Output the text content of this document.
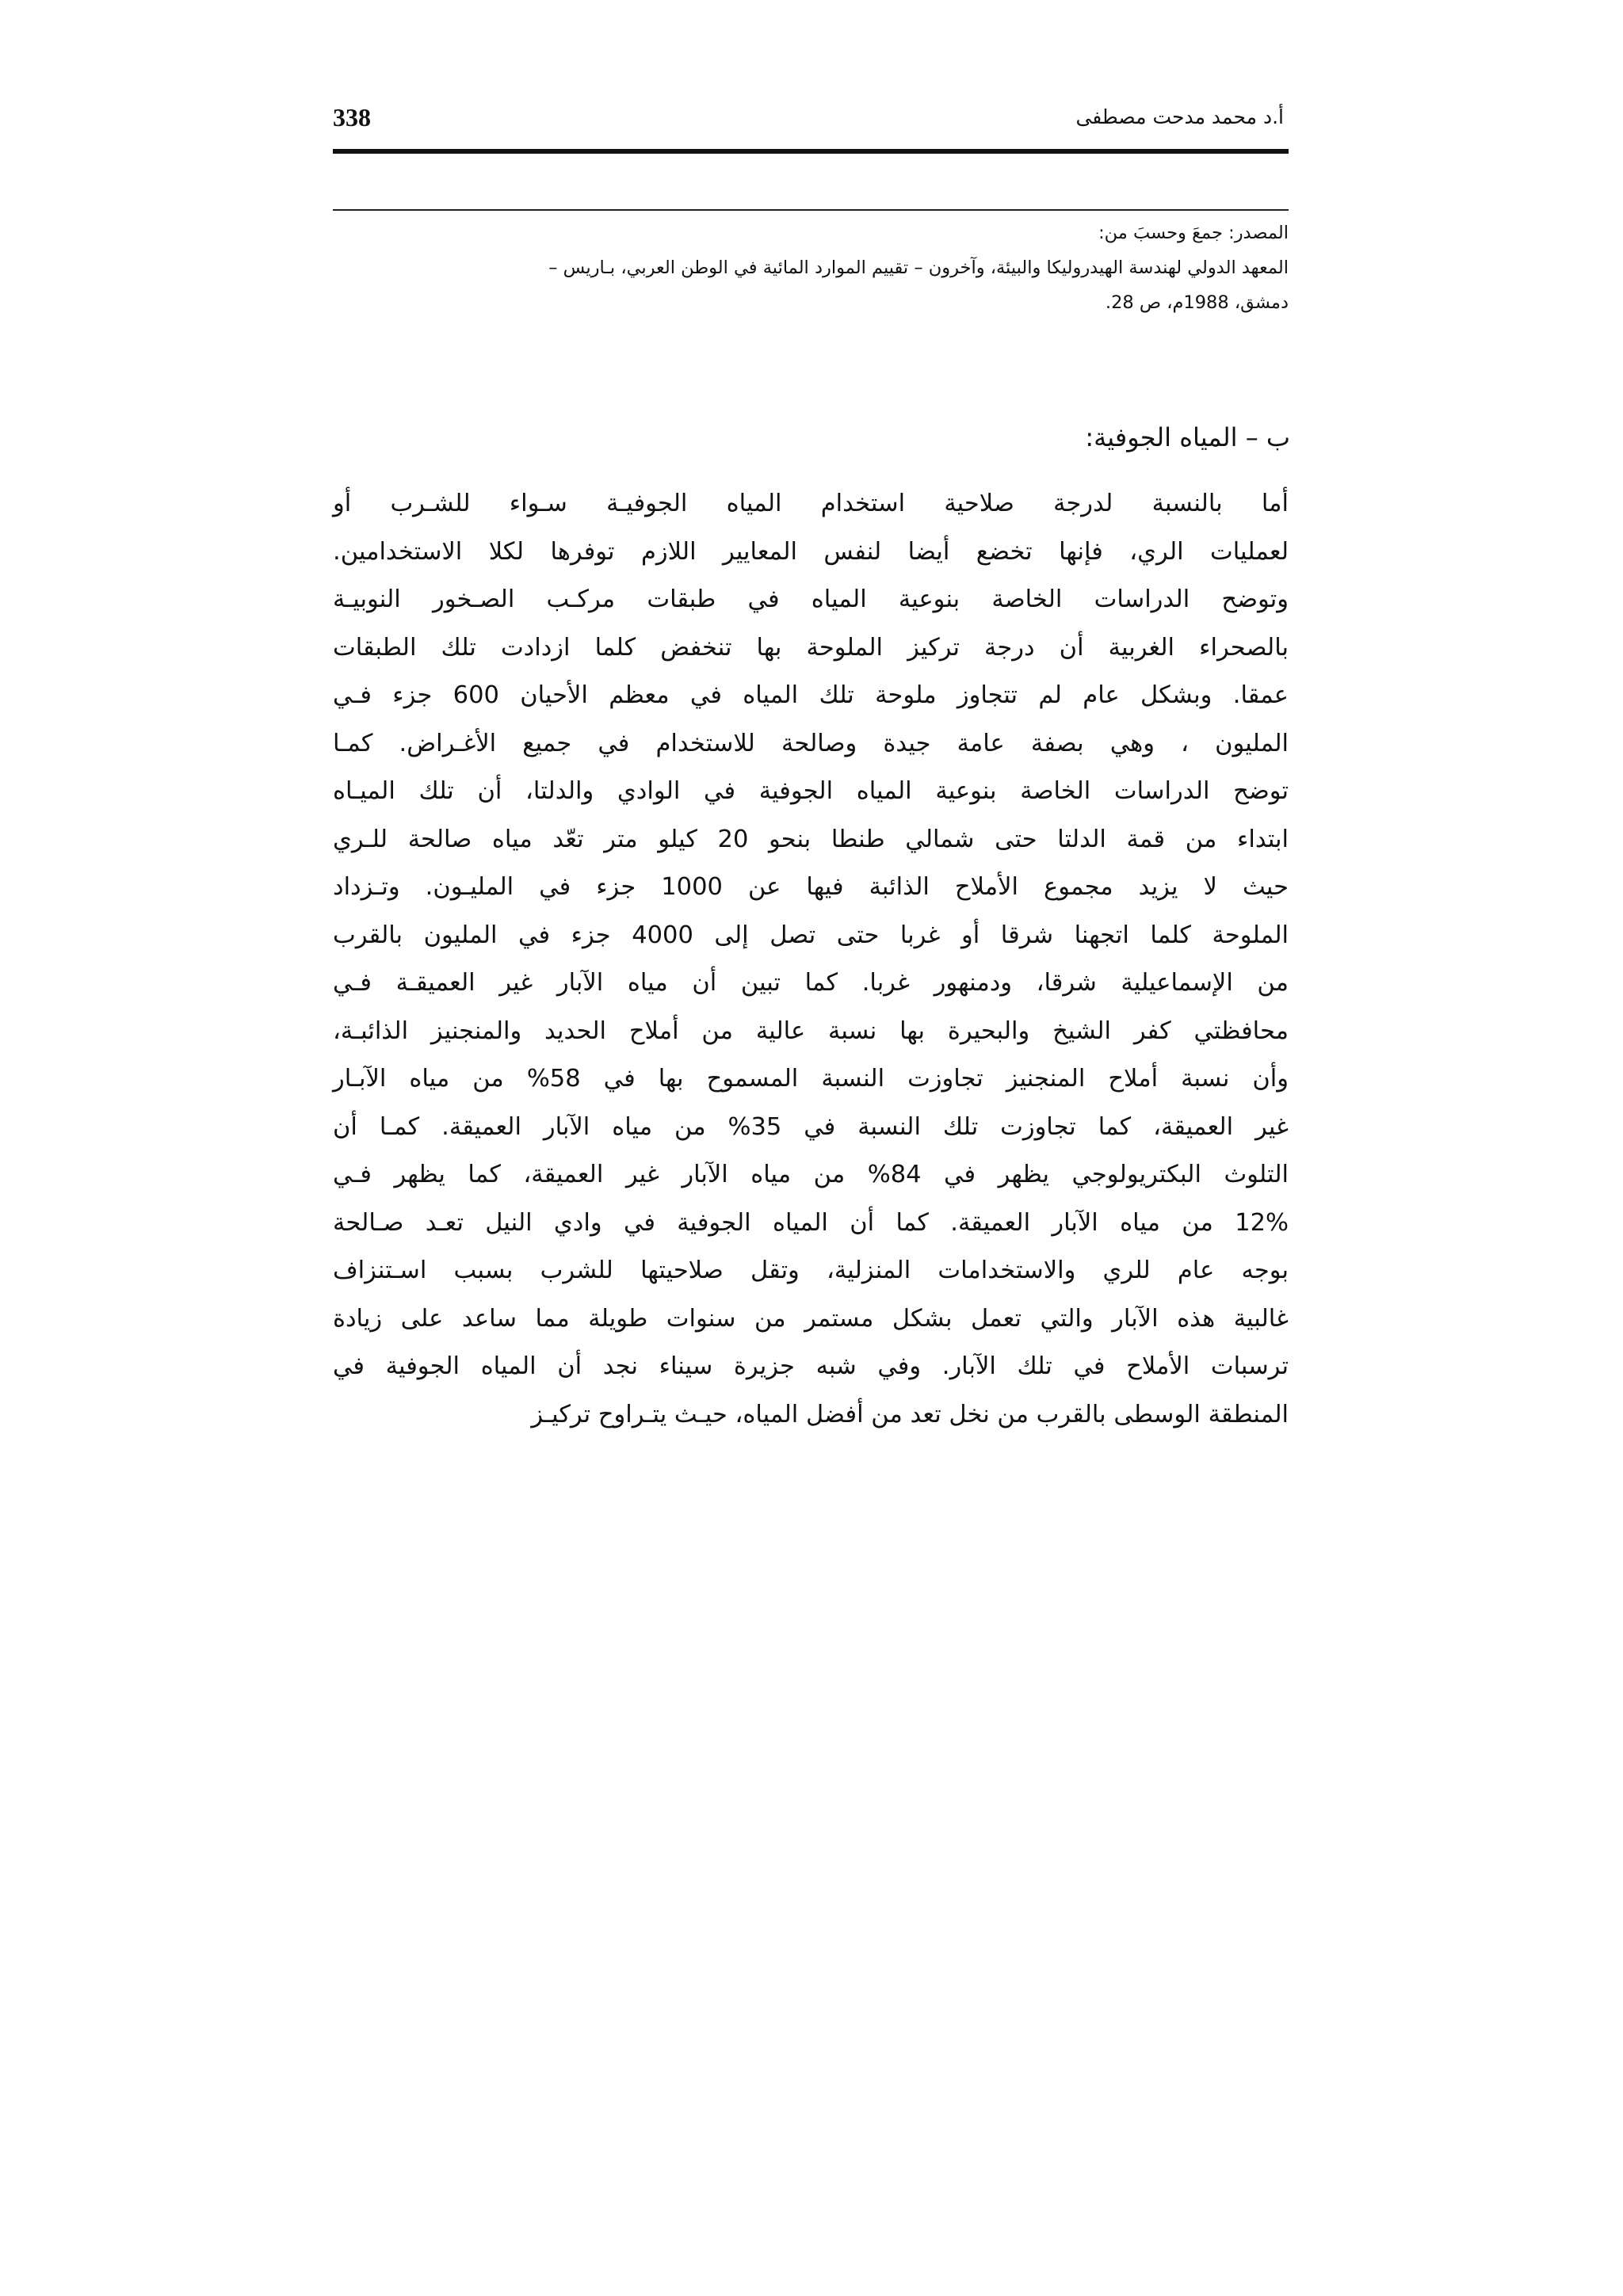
338	أ.د محمد مدحت مصطفى

المصدر: جمعَ وحسبَ من:

المعهد الدولي لهندسة الهيدروليكا والبيئة، وآخرون – تقييم الموارد المائية في الوطن العربي، بـاريس –

دمشق، 1988م، ص 28.

ب – المياه الجوفية:
أما بالنسبة لدرجة صلاحية استخدام المياه الجوفيـة سـواء للشـرب أو
لعمليات الري، فإنها تخضع أيضا لنفس المعايير اللازم توفرها لكلا الاستخدامين.
وتوضح الدراسات الخاصة بنوعية المياه في طبقات مركـب الصـخور النوبيـة
بالصحراء الغربية أن درجة تركيز الملوحة بها تنخفض كلما ازدادت تلك الطبقات
عمقا. وبشكل عام لم تتجاوز ملوحة تلك المياه في معظم الأحيان 600 جزء فـي
المليون ، وهي بصفة عامة جيدة وصالحة للاستخدام في جميع الأغـراض. كمـا
توضح الدراسات الخاصة بنوعية المياه الجوفية في الوادي والدلتا، أن تلك الميـاه
ابتداء من قمة الدلتا حتى شمالي طنطا بنحو 20 كيلو متر تعّد مياه صالحة للـري
حيث لا يزيد مجموع الأملاح الذائبة فيها عن 1000 جزء في المليـون. وتـزداد
الملوحة كلما اتجهنا شرقا أو غربا حتى تصل إلى 4000 جزء في المليون بالقرب
من الإسماعيلية شرقا، ودمنهور غربا. كما تبين أن مياه الآبار غير العميقـة فـي
محافظتي كفر الشيخ والبحيرة بها نسبة عالية من أملاح الحديد والمنجنيز الذائبـة،
وأن نسبة أملاح المنجنيز تجاوزت النسبة المسموح بها في 58% من مياه الآبـار
غير العميقة، كما تجاوزت تلك النسبة في 35% من مياه الآبار العميقة. كمـا أن
التلوث البكتريولوجي يظهر في 84% من مياه الآبار غير العميقة، كما يظهر فـي
12% من مياه الآبار العميقة. كما أن المياه الجوفية في وادي النيل تعـد صـالحة
بوجه عام للري والاستخدامات المنزلية، وتقل صلاحيتها للشرب بسبب اسـتنزاف
غالبية هذه الآبار والتي تعمل بشكل مستمر من سنوات طويلة مما ساعد على زيادة
ترسبات الأملاح في تلك الآبار. وفي شبه جزيرة سيناء نجد أن المياه الجوفية في
المنطقة الوسطى بالقرب من نخل تعد من أفضل المياه، حيـث يتـراوح تركيـز
